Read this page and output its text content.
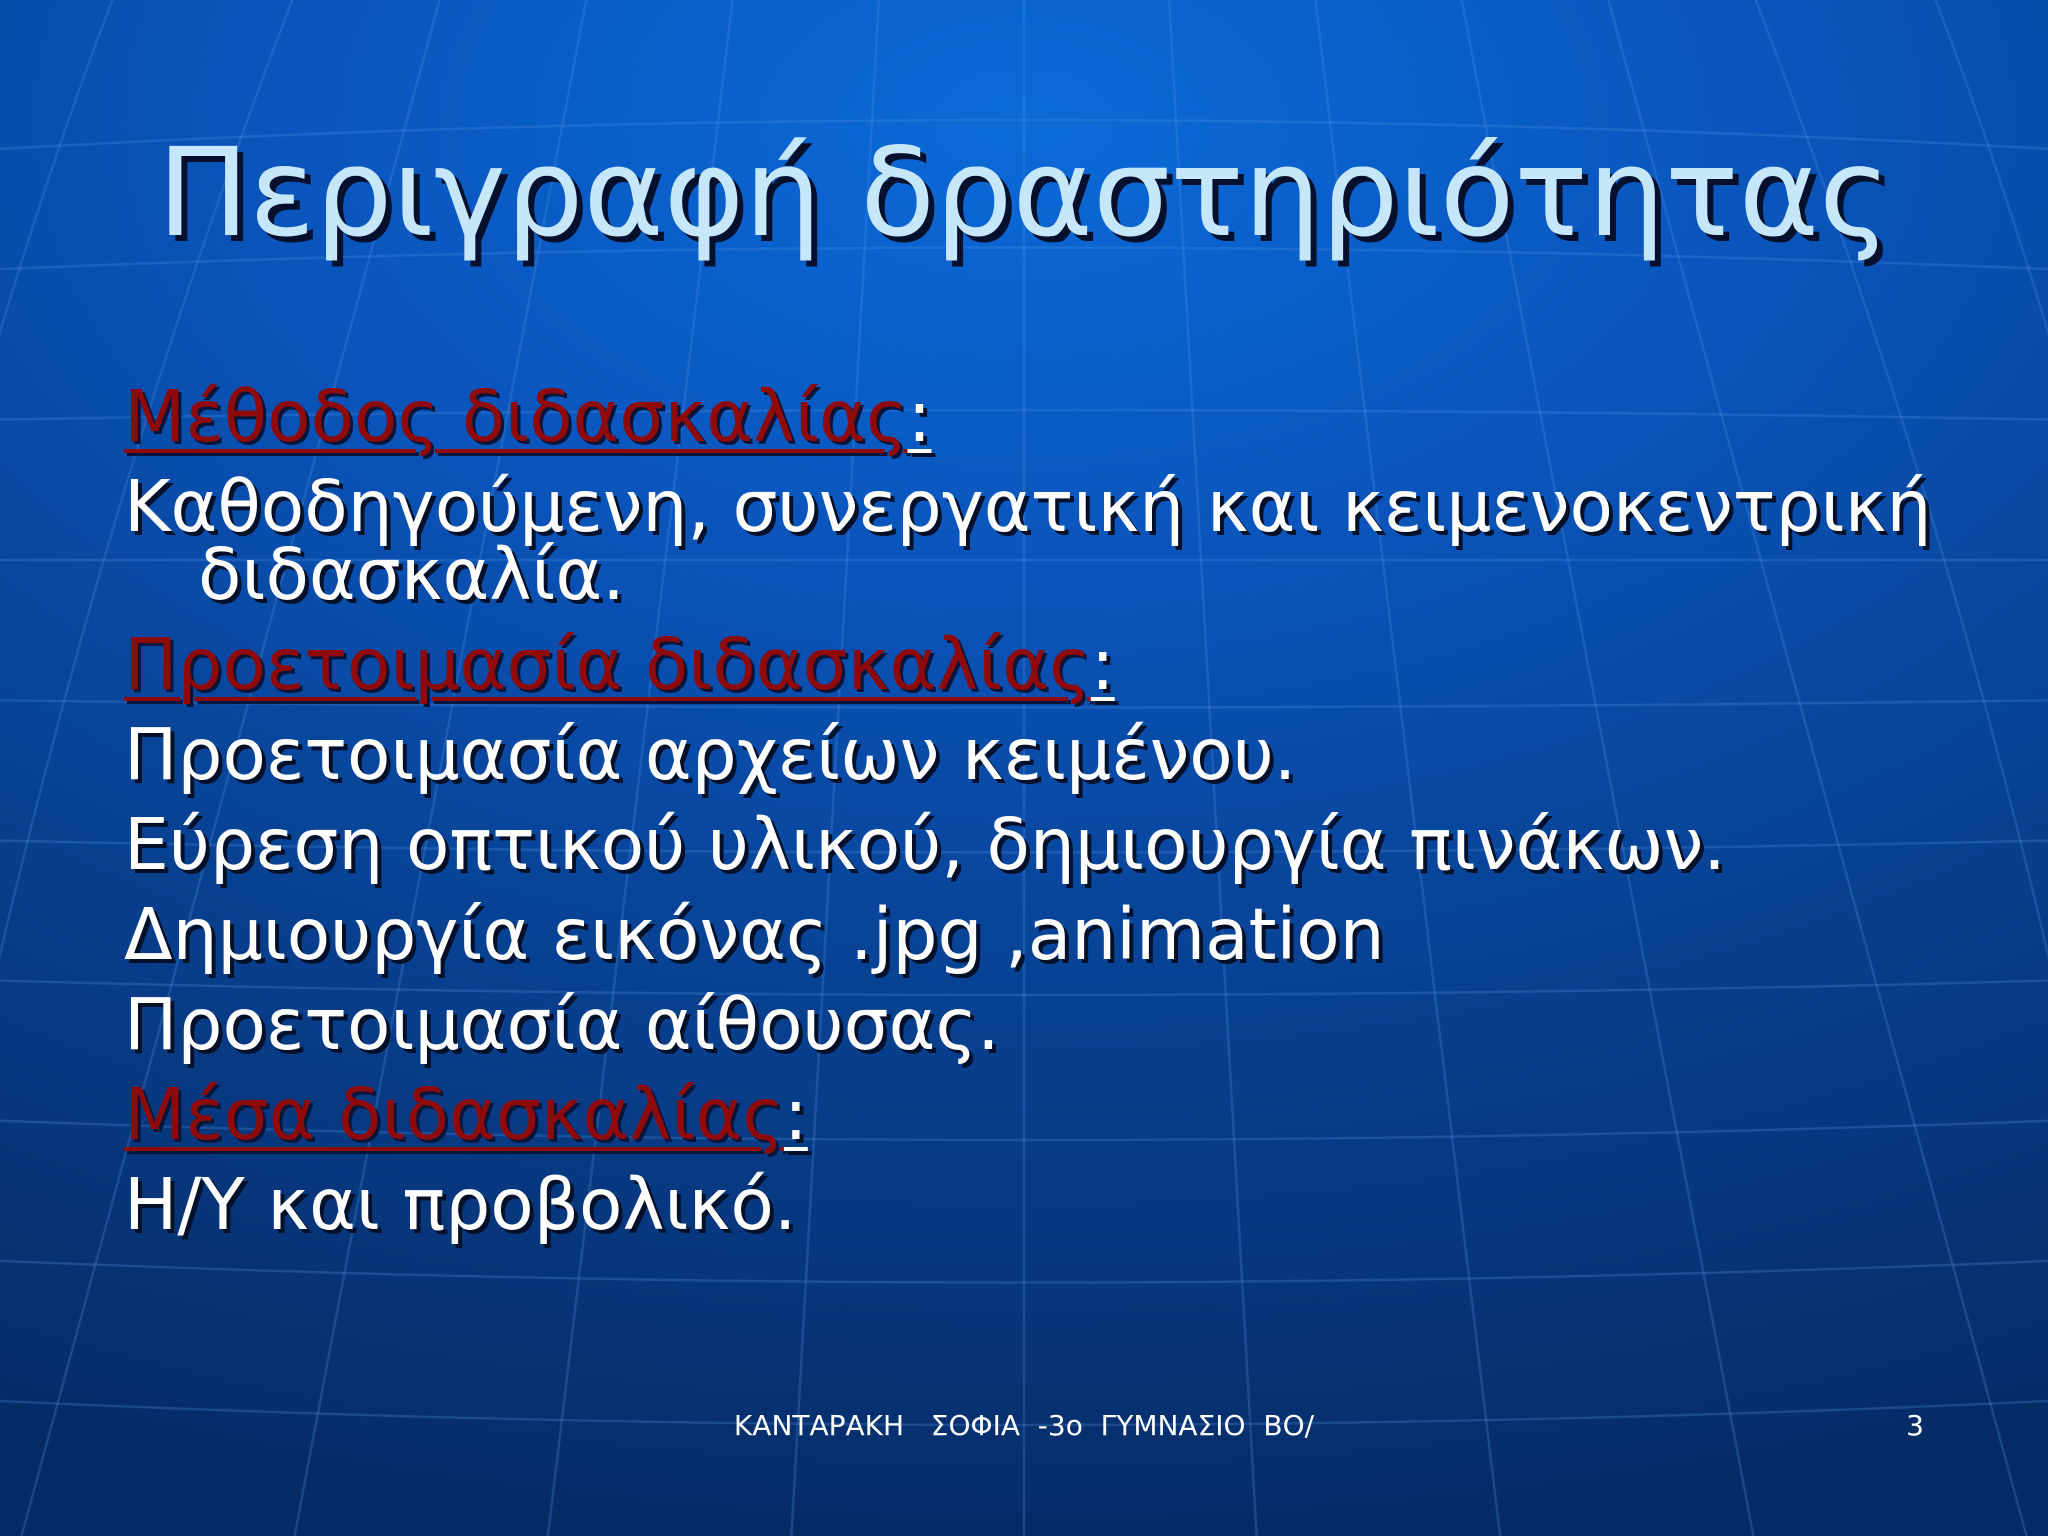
Περιγραφή δραστηριότητας
Μέθοδος διδασκαλίας:
Καθοδηγούμενη, συνεργατική και κειμενοκεντρική διδασκαλία.
Προετοιμασία διδασκαλίας:
Προετοιμασία αρχείων κειμένου.
Εύρεση οπτικού υλικού, δημιουργία πινάκων.
Δημιουργία εικόνας .jpg ,animation
Προετοιμασία αίθουσας.
Μέσα διδασκαλίας:
Η/Υ και προβολικό.
ΚΑΝΤΑΡΑΚΗ   ΣΟΦΙΑ  -3ο  ΓΥΜΝΑΣΙΟ  ΒΟ/	3
